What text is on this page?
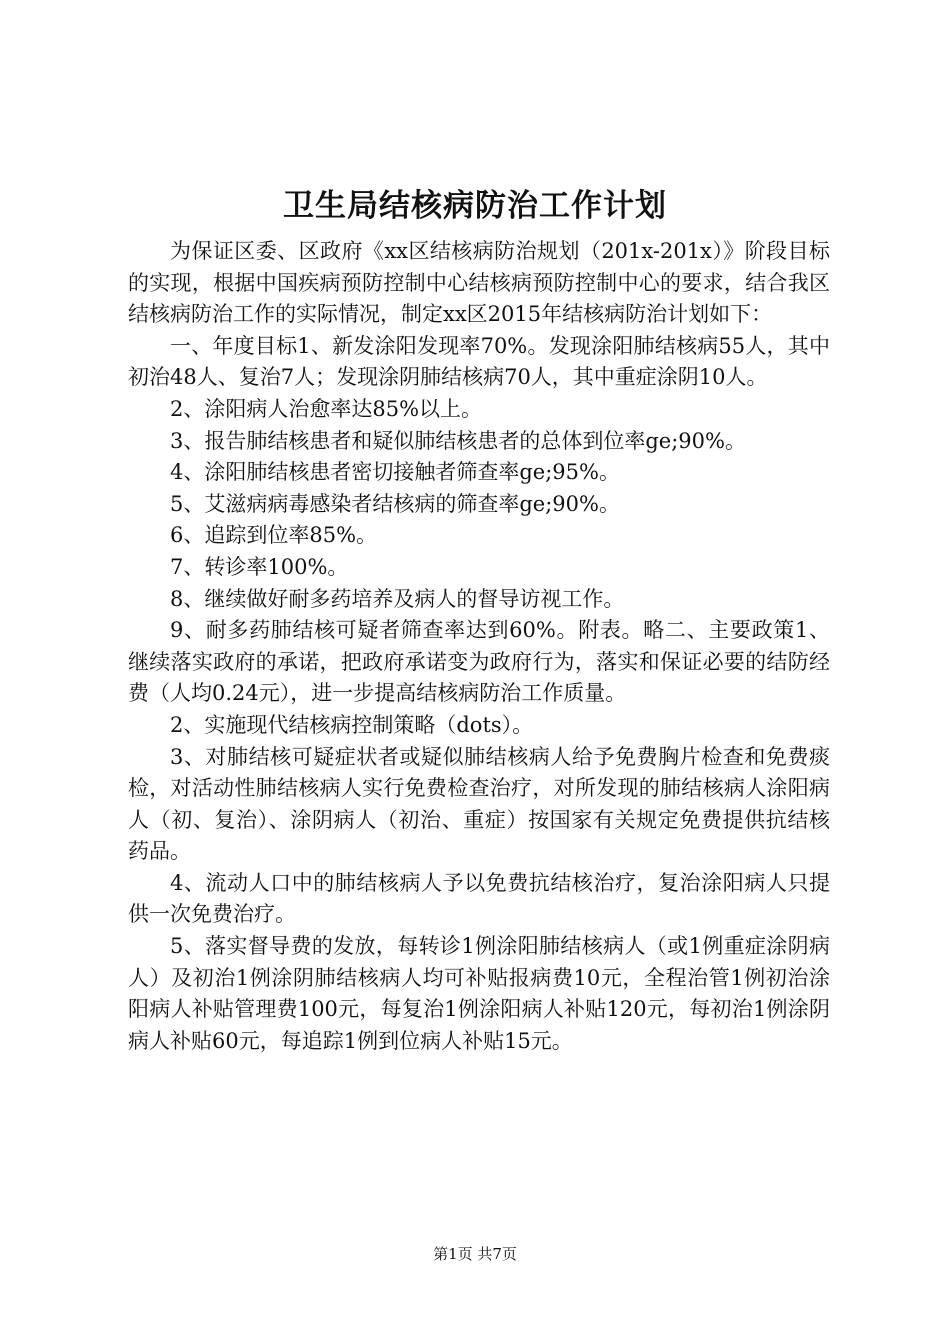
卫生局结核病防治工作计划

为保证区委、区政府《xx区结核病防治规划（201x-201x）》阶段目标的实现，根据中国疾病预防控制中心结核病预防控制中心的要求，结合我区结核病防治工作的实际情况，制定xx区2015年结核病防治计划如下：

一、年度目标1、新发涂阳发现率70%。发现涂阳肺结核病55人，其中初治48人、复治7人；发现涂阴肺结核病70人，其中重症涂阴10人。

2、涂阳病人治愈率达85%以上。

3、报告肺结核患者和疑似肺结核患者的总体到位率ge;90%。

4、涂阳肺结核患者密切接触者筛查率ge;95%。

5、艾滋病病毒感染者结核病的筛查率ge;90%。

6、追踪到位率85%。

7、转诊率100%。

8、继续做好耐多药培养及病人的督导访视工作。

9、耐多药肺结核可疑者筛查率达到60%。附表。略二、主要政策1、继续落实政府的承诺，把政府承诺变为政府行为，落实和保证必要的结防经费（人均0.24元），进一步提高结核病防治工作质量。

2、实施现代结核病控制策略（dots）。

3、对肺结核可疑症状者或疑似肺结核病人给予免费胸片检查和免费痰检，对活动性肺结核病人实行免费检查治疗，对所发现的肺结核病人涂阳病人（初、复治）、涂阴病人（初治、重症）按国家有关规定免费提供抗结核药品。

4、流动人口中的肺结核病人予以免费抗结核治疗，复治涂阳病人只提供一次免费治疗。

5、落实督导费的发放，每转诊1例涂阳肺结核病人（或1例重症涂阴病人）及初治1例涂阴肺结核病人均可补贴报病费10元，全程治管1例初治涂阳病人补贴管理费100元，每复治1例涂阳病人补贴120元，每初治1例涂阴病人补贴60元，每追踪1例到位病人补贴15元。

第1页 共7页
